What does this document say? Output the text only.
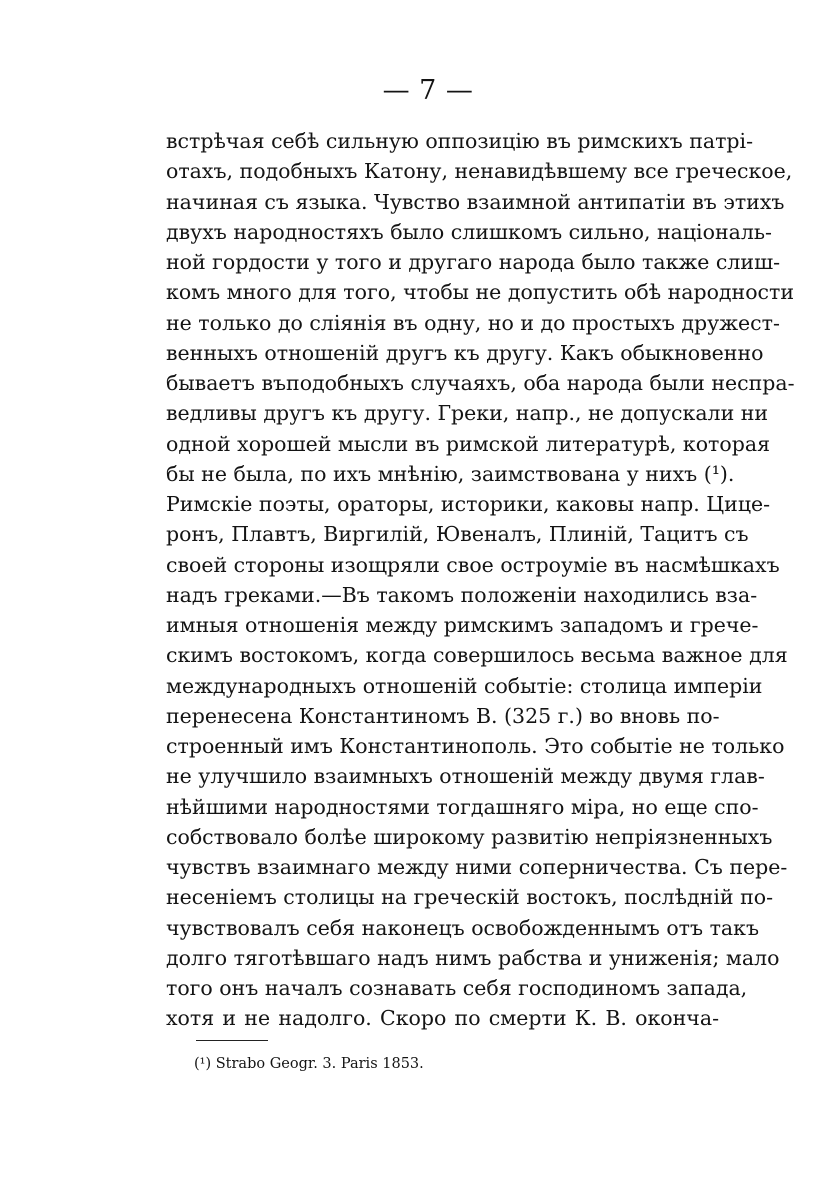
— 7 —
встрѣчая себѣ сильную оппозицію въ римскихъ патрі-
отахъ, подобныхъ Катону, ненавидѣвшему все греческое,
начиная съ языка. Чувство взаимной антипатіи въ этихъ
двухъ народностяхъ было слишкомъ сильно, національ-
ной гордости у того и другаго народа было также слиш-
комъ много для того, чтобы не допустить обѣ народности
не только до сліянія въ одну, но и до простыхъ дружест-
венныхъ отношеній другъ къ другу. Какъ обыкновенно
бываетъ въподобныхъ случаяхъ, оба народа были неспра-
ведливы другъ къ другу. Греки, напр., не допускали ни
одной хорошей мысли въ римской литературѣ, которая
бы не была, по ихъ мнѣнію, заимствована у нихъ (¹).
Римскіе поэты, ораторы, историки, каковы напр. Цице-
ронъ, Плавтъ, Виргилій, Ювеналъ, Плиній, Тацитъ съ
своей стороны изощряли свое остроуміе въ насмѣшкахъ
надъ греками.—Въ такомъ положеніи находились вза-
имныя отношенія между римскимъ западомъ и грече-
скимъ востокомъ, когда совершилось весьма важное для
международныхъ отношеній событіе: столица имперіи
перенесена Константиномъ В. (325 г.) во вновь по-
строенный имъ Константинополь. Это событіе не только
не улучшило взаимныхъ отношеній между двумя глав-
нѣйшими народностями тогдашняго міра, но еще спо-
собствовало болѣе широкому развитію непріязненныхъ
чувствъ взаимнаго между ними соперничества. Съ пере-
несеніемъ столицы на греческій востокъ, послѣдній по-
чувствовалъ себя наконецъ освобожденнымъ отъ такъ
долго тяготѣвшаго надъ нимъ рабства и униженія; мало
того онъ началъ сознавать себя господиномъ запада,
хотя и не надолго. Скоро по смерти К. В. оконча-
(¹) Strabo Geogr. 3. Paris 1853.
